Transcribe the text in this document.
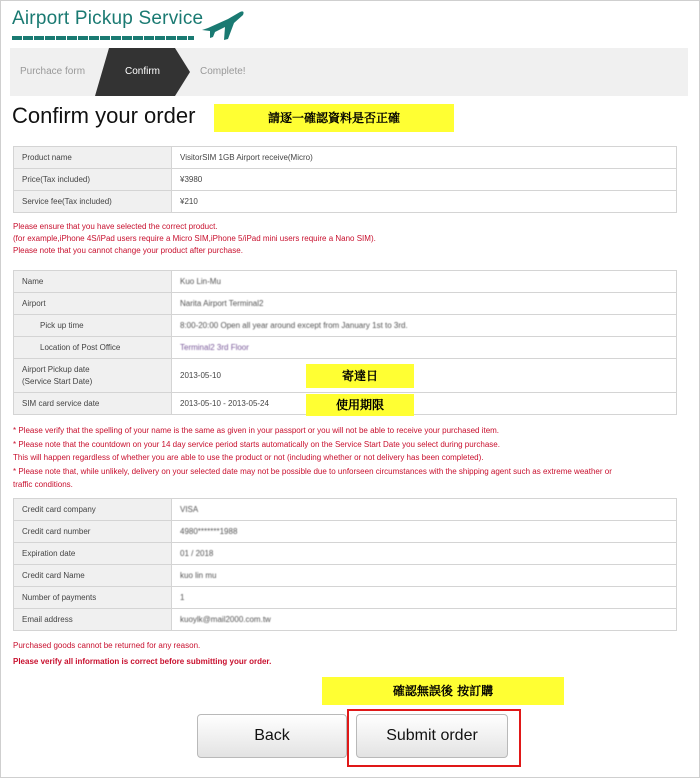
Airport Pickup Service
Purchace form	Confirm	Complete!
Confirm your order	請逐一確認資料是否正確
Product name	VisitorSIM 1GB Airport receive(Micro)
Price(Tax included)	¥3980
Service fee(Tax included)	¥210
Please ensure that you have selected the correct product.
(for example,iPhone 4S/iPad users require a Micro SIM,iPhone 5/iPad mini users require a Nano SIM).
Please note that you cannot change your product after purchase.
Name	Kuo Lin-Mu
Airport	Narita Airport Terminal2
Pick up time	8:00-20:00 Open all year around except from January 1st to 3rd.
Location of Post Office	Terminal2 3rd Floor

Airport Pickup date
(Service Start Date)	2013-05-10
SIM card service date	2013-05-10 - 2013-05-24
寄達日
使用期限
* Please verify that the spelling of your name is the same as given in your passport or you will not be able to receive your purchased item.
* Please note that the countdown on your 14 day service period starts automatically on the Service Start Date you select during purchase.
This will happen regardless of whether you are able to use the product or not (including whether or not delivery has been completed).
* Please note that, while unlikely, delivery on your selected date may not be possible due to unforseen circumstances with the shipping agent such as extreme weather or
traffic conditions.
Credit card company	VISA
Credit card number	4980*******1988
Expiration date	01 / 2018
Credit card Name	kuo lin mu
Number of payments	1
Email address	kuoylk@mail2000.com.tw
Purchased goods cannot be returned for any reason.
Please verify all information is correct before submitting your order.
確認無誤後 按訂購
Back	Submit order
